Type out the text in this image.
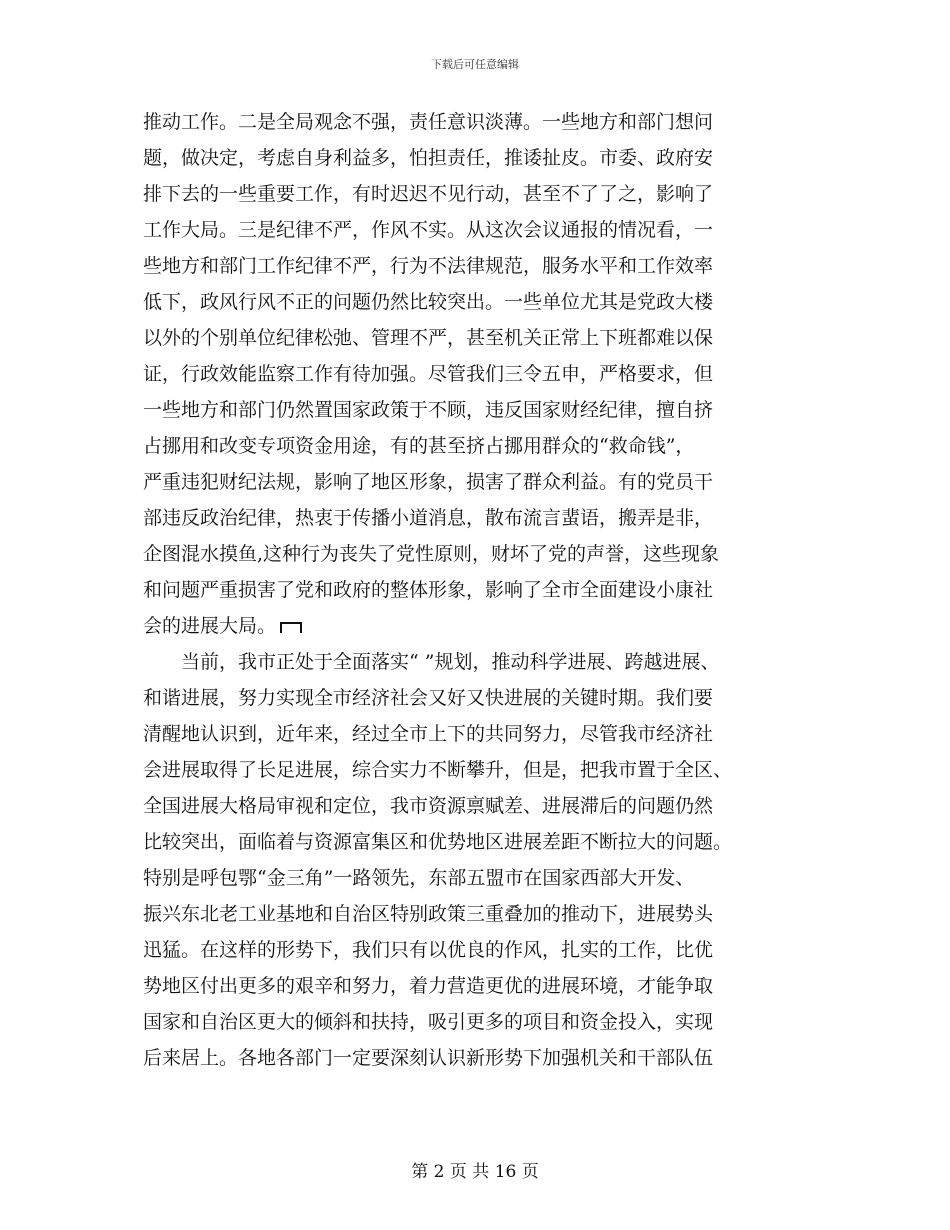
下载后可任意编辑
推动工作。二是全局观念不强，责任意识淡薄。一些地方和部门想问
题，做决定，考虑自身利益多，怕担责任，推诿扯皮。市委、政府安
排下去的一些重要工作，有时迟迟不见行动，甚至不了了之，影响了
工作大局。三是纪律不严，作风不实。从这次会议通报的情况看，一
些地方和部门工作纪律不严，行为不法律规范，服务水平和工作效率
低下，政风行风不正的问题仍然比较突出。一些单位尤其是党政大楼
以外的个别单位纪律松弛、管理不严，甚至机关正常上下班都难以保
证，行政效能监察工作有待加强。尽管我们三令五申，严格要求，但
一些地方和部门仍然置国家政策于不顾，违反国家财经纪律，擅自挤
占挪用和改变专项资金用途，有的甚至挤占挪用群众的“救命钱”，
严重违犯财纪法规，影响了地区形象，损害了群众利益。有的党员干
部违反政治纪律，热衷于传播小道消息，散布流言蜚语，搬弄是非，
企图混水摸鱼,这种行为丧失了党性原则，财坏了党的声誉，这些现象
和问题严重损害了党和政府的整体形象，影响了全市全面建设小康社
会的进展大局。
　　当前，我市正处于全面落实“ ”规划，推动科学进展、跨越进展、
和谐进展，努力实现全市经济社会又好又快进展的关键时期。我们要
清醒地认识到，近年来，经过全市上下的共同努力，尽管我市经济社
会进展取得了长足进展，综合实力不断攀升，但是，把我市置于全区、
全国进展大格局审视和定位，我市资源禀赋差、进展滞后的问题仍然
比较突出，面临着与资源富集区和优势地区进展差距不断拉大的问题。
特别是呼包鄂“金三角”一路领先，东部五盟市在国家西部大开发、
振兴东北老工业基地和自治区特别政策三重叠加的推动下，进展势头
迅猛。在这样的形势下，我们只有以优良的作风，扎实的工作，比优
势地区付出更多的艰辛和努力，着力营造更优的进展环境，才能争取
国家和自治区更大的倾斜和扶持，吸引更多的项目和资金投入，实现
后来居上。各地各部门一定要深刻认识新形势下加强机关和干部队伍
第 2 页 共 16 页
